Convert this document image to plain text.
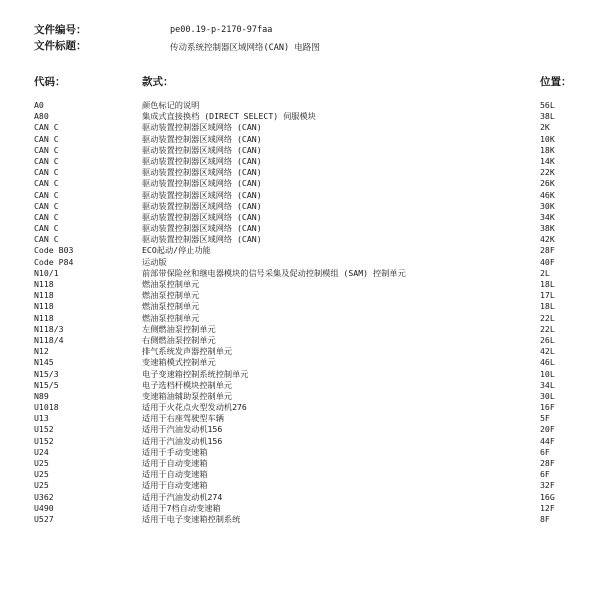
文件编号：	pe00.19-p-2170-97faa
文件标题：	传动系统控制器区域网络(CAN) 电路图
代码：	款式：	位置：
A0	颜色标记的说明	56L
A80	集成式直接换档 (DIRECT SELECT) 伺服模块	38L
CAN C	驱动装置控制器区域网络 (CAN)	2K
CAN C	驱动装置控制器区域网络 (CAN)	10K
CAN C	驱动装置控制器区域网络 (CAN)	18K
CAN C	驱动装置控制器区域网络 (CAN)	14K
CAN C	驱动装置控制器区域网络 (CAN)	22K
CAN C	驱动装置控制器区域网络 (CAN)	26K
CAN C	驱动装置控制器区域网络 (CAN)	46K
CAN C	驱动装置控制器区域网络 (CAN)	30K
CAN C	驱动装置控制器区域网络 (CAN)	34K
CAN C	驱动装置控制器区域网络 (CAN)	38K
CAN C	驱动装置控制器区域网络 (CAN)	42K
Code B03	ECO起动/停止功能	28F
Code P84	运动版	40F
N10/1	前部带保险丝和继电器模块的信号采集及促动控制模组 (SAM) 控制单元	2L
N118	燃油泵控制单元	18L
N118	燃油泵控制单元	17L
N118	燃油泵控制单元	18L
N118	燃油泵控制单元	22L
N118/3	左侧燃油泵控制单元	22L
N118/4	右侧燃油泵控制单元	26L
N12	排气系统发声器控制单元	42L
N145	变速箱模式控制单元	46L
N15/3	电子变速箱控制系统控制单元	10L
N15/5	电子选档杆模块控制单元	34L
N89	变速箱油辅助泵控制单元	30L
U1018	适用于火花点火型发动机276	16F
U13	适用于右座驾驶型车辆	5F
U152	适用于汽油发动机156	20F
U152	适用于汽油发动机156	44F
U24	适用于手动变速箱	6F
U25	适用于自动变速箱	28F
U25	适用于自动变速箱	6F
U25	适用于自动变速箱	32F
U362	适用于汽油发动机274	16G
U490	适用于7档自动变速箱	12F
U527	适用于电子变速箱控制系统	8F
